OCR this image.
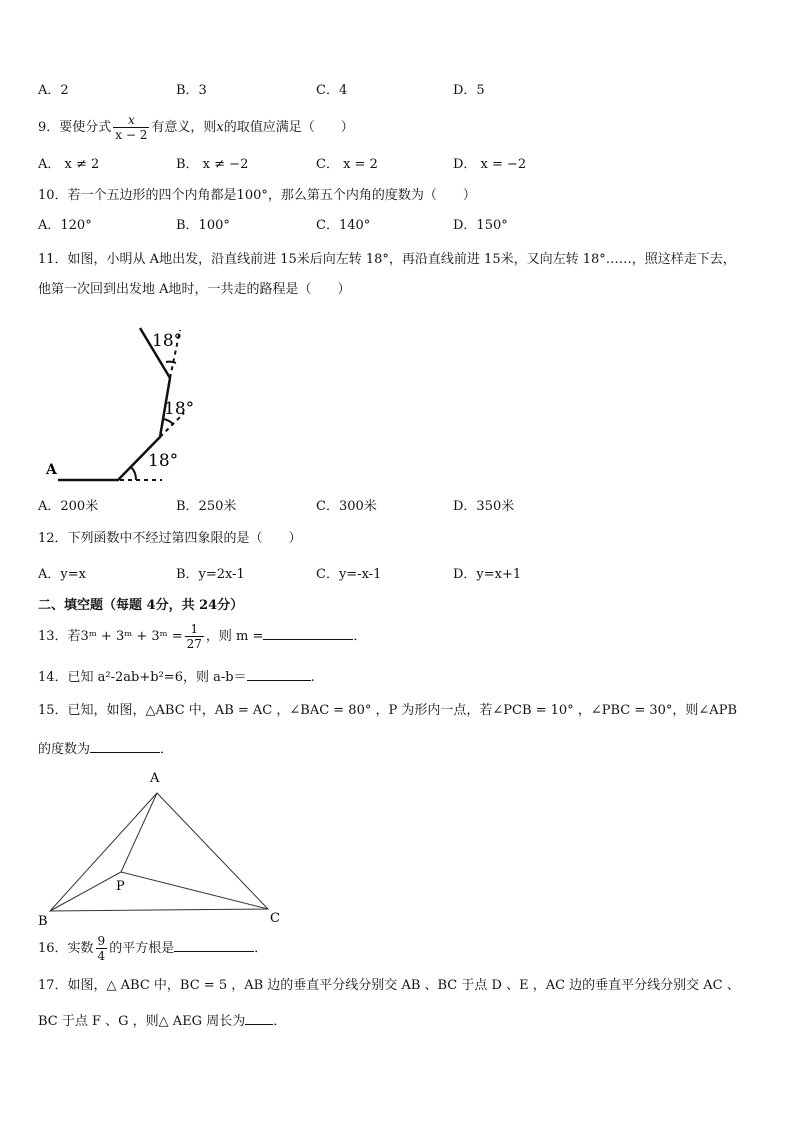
A．2	B．3	C．4	D．5
9．要使分式 $\frac{x}{x - 2}$ 有意义，则x的取值应满足（　　）
A． x ≠ 2	B． x ≠ −2	C． x = 2	D． x = −2
10．若一个五边形的四个内角都是100°，那么第五个内角的度数为（　　）
A．120°	B．100°	C．140°	D．150°
11．如图，小明从 A地出发，沿直线前进 15米后向左转 18°，再沿直线前进 15米，又向左转 18°……，照这样走下去，
他第一次回到出发地 A地时，一共走的路程是（　　）
A	18°
18°
18°
A．200米	B．250米	C．300米	D．350米
12．下列函数中不经过第四象限的是（　　）
A．y=x	B．y=2x-1	C．y=-x-1	D．y=x+1
二、填空题（每题 4分，共 24分）
13．若3ᵐ + 3ᵐ + 3ᵐ = $\frac{1}{27}$ ，则 m =	．
14．已知 a²-2ab+b²=6，则 a-b＝	.
15．已知，如图，△ABC 中，AB = AC ，∠BAC = 80° ，P 为形内一点，若∠PCB = 10° ，∠PBC = 30°，则∠APB
的度数为	．
A
B	C
P
16．实数 $\frac{9}{4}$ 的平方根是	．
17．如图，△ ABC 中，BC = 5 ，AB 边的垂直平分线分别交 AB 、BC 于点 D 、E ，AC 边的垂直平分线分别交 AC 、
BC 于点 F 、G ，则△ AEG 周长为 ．
